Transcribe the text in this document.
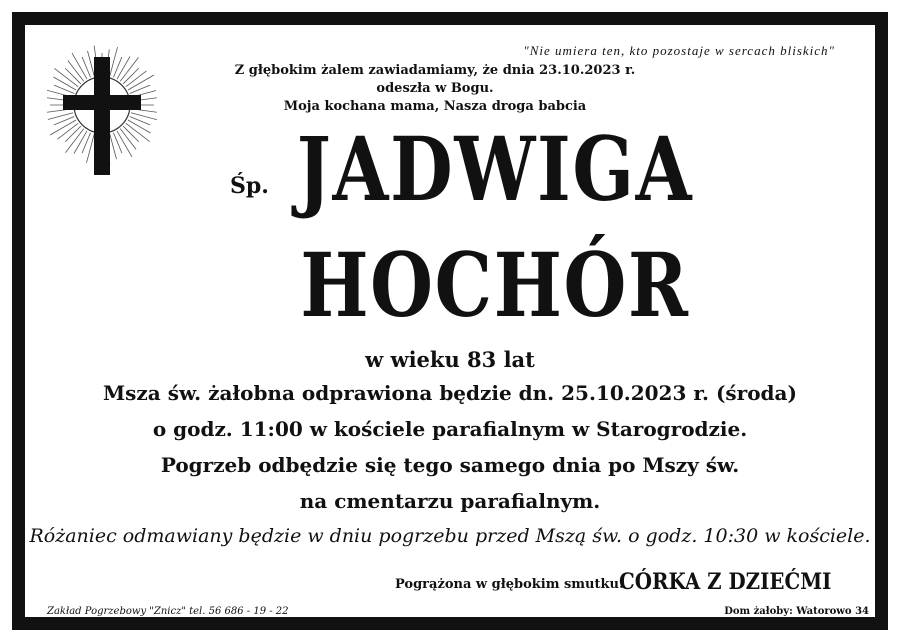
"Nie umiera ten, kto pozostaje w sercach bliskich"
Z głębokim żalem zawiadamiamy, że dnia 23.10.2023 r.
odeszła w Bogu.
Moja kochana mama, Nasza droga babcia
Śp. JADWIGA
HOCHÓR
w wieku 83 lat
Msza św. żałobna odprawiona będzie dn. 25.10.2023 r. (środa)
o godz. 11:00 w kościele parafialnym w Starogrodzie.
Pogrzeb odbędzie się tego samego dnia po Mszy św.
na cmentarzu parafialnym.
Różaniec odmawiany będzie w dniu pogrzebu przed Mszą św. o godz. 10:30 w kościele.
Pogrążona w głębokim smutku:
CÓRKA Z DZIEĆMI
Zakład Pogrzebowy "Znicz" tel. 56 686 - 19 - 22	Dom żałoby: Watorowo 34
